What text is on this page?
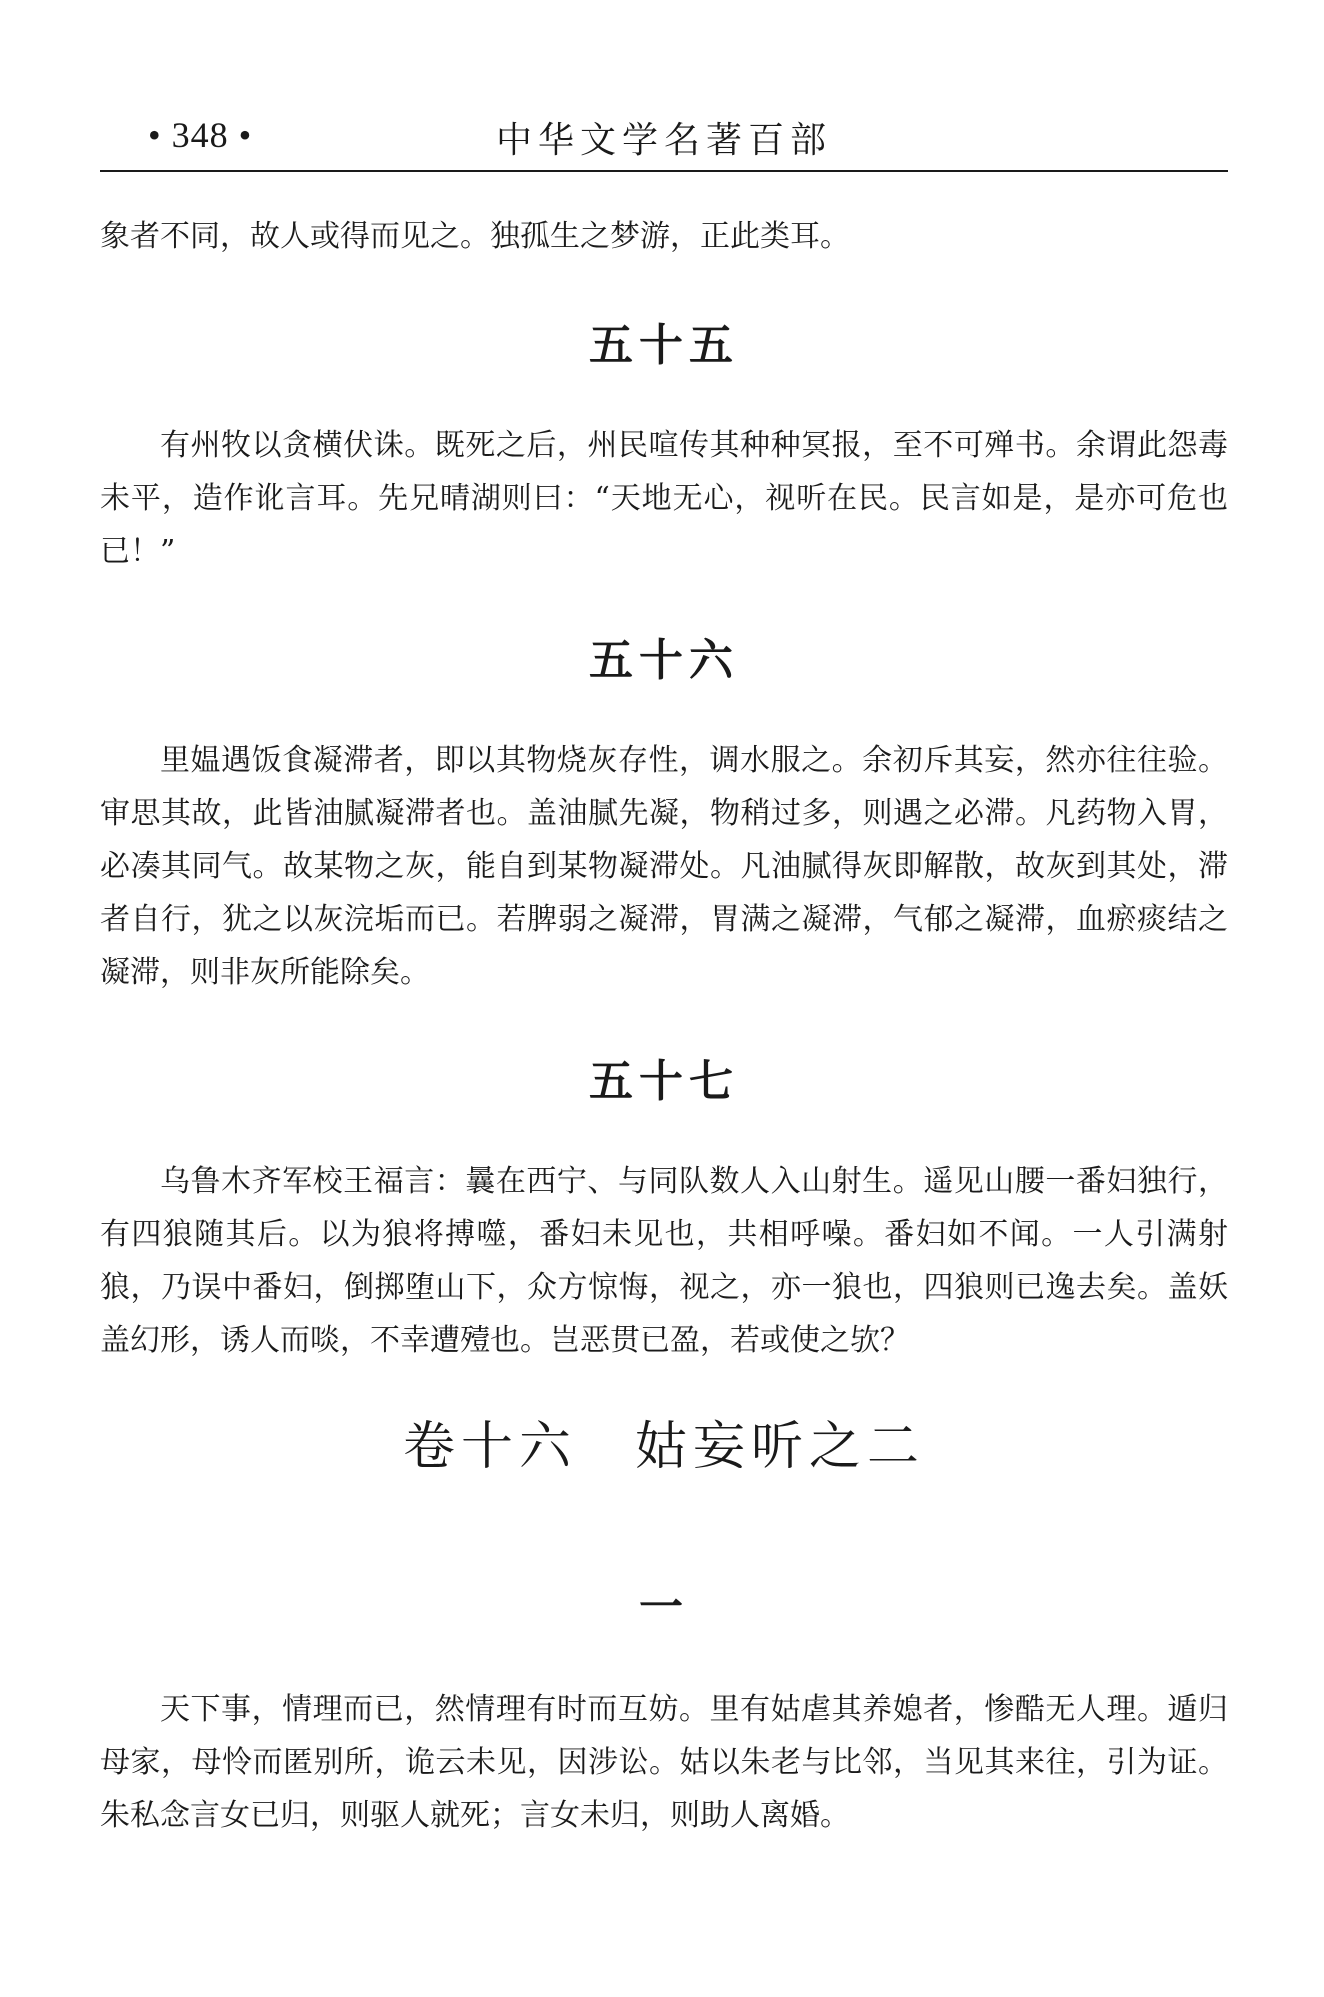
• 348 •	中华文学名著百部

象者不同，故人或得而见之。独孤生之梦游，正此类耳。

五十五

有州牧以贪横伏诛。既死之后，州民喧传其种种冥报，至不可殚书。余谓此怨毒未平，造作讹言耳。先兄晴湖则曰：“天地无心，视听在民。民言如是，是亦可危也已！”

五十六

里媪遇饭食凝滞者，即以其物烧灰存性，调水服之。余初斥其妄，然亦往往验。审思其故，此皆油腻凝滞者也。盖油腻先凝，物稍过多，则遇之必滞。凡药物入胃，必凑其同气。故某物之灰，能自到某物凝滞处。凡油腻得灰即解散，故灰到其处，滞者自行，犹之以灰浣垢而已。若脾弱之凝滞，胃满之凝滞，气郁之凝滞，血瘀痰结之凝滞，则非灰所能除矣。

五十七

乌鲁木齐军校王福言：曩在西宁、与同队数人入山射生。遥见山腰一番妇独行，有四狼随其后。以为狼将搏噬，番妇未见也，共相呼噪。番妇如不闻。一人引满射狼，乃误中番妇，倒掷堕山下，众方惊悔，视之，亦一狼也，四狼则已逸去矣。盖妖盖幻形，诱人而啖，不幸遭殪也。岂恶贯已盈，若或使之欤？

卷十六　姑妄听之二
一

天下事，情理而已，然情理有时而互妨。里有姑虐其养媳者，惨酷无人理。遁归母家，母怜而匿别所，诡云未见，因涉讼。姑以朱老与比邻，当见其来往，引为证。朱私念言女已归，则驱人就死；言女未归，则助人离婚。
